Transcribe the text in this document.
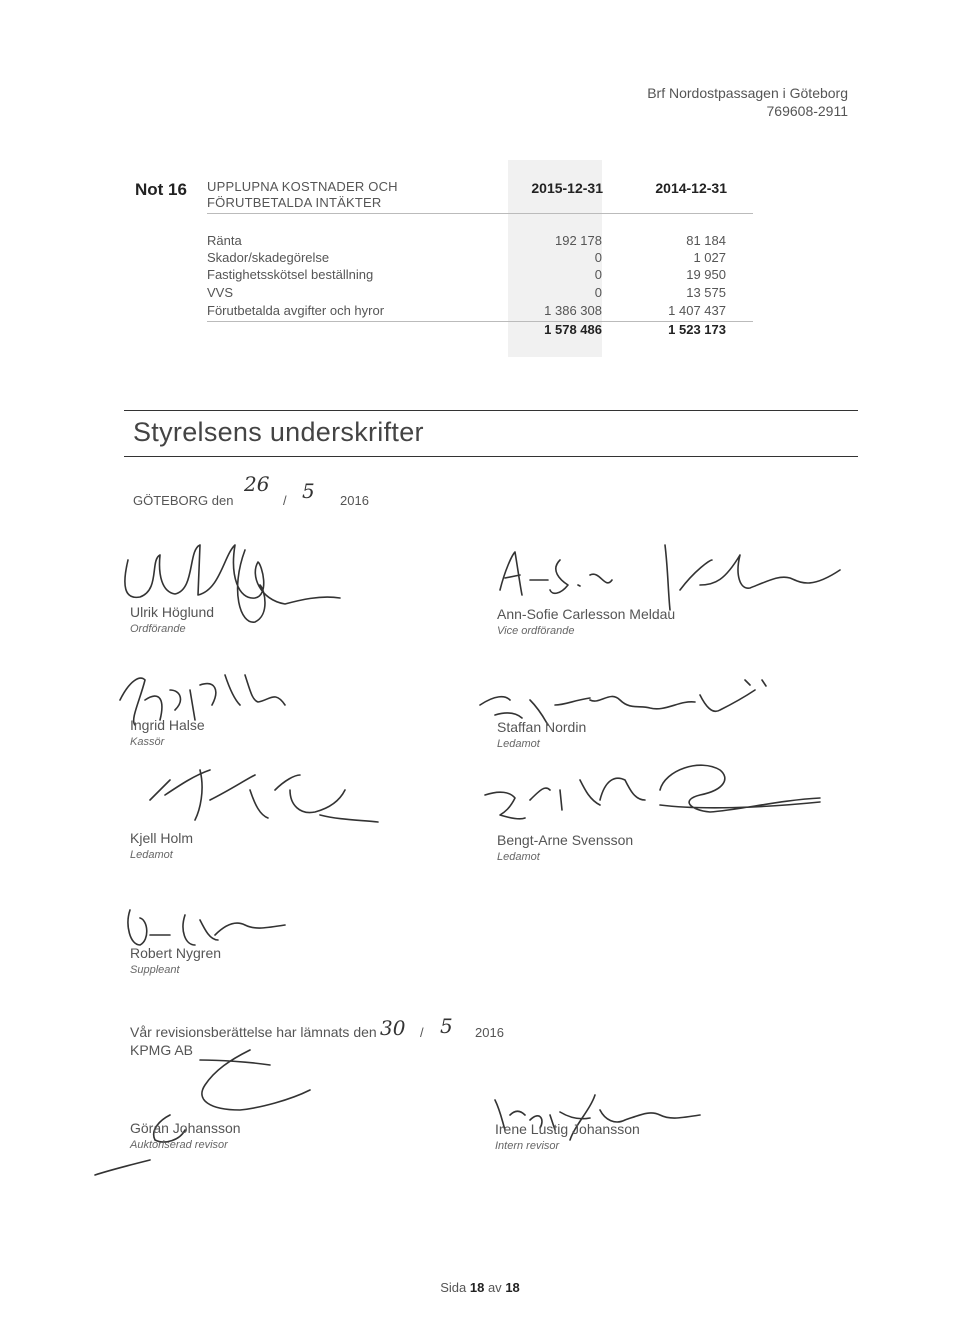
Brf Nordostpassagen i Göteborg
769608-2911
Not 16 UPPLUPNA KOSTNADER OCH
FÖRUTBETALDA INTÄKTER
2015-12-31	2014-12-31
Ränta	192 178	81 184
Skador/skadegörelse	0	1 027
Fastighetsskötsel beställning	0	19 950
VVS	0	13 575
Förutbetalda avgifter och hyror	1 386 308	1 407 437
1 578 486	1 523 173
Styrelsens underskrifter
GÖTEBORG den
26
/ 5 2016
Ulrik Höglund
Ordförande
Ann-Sofie Carlesson Meldau
Vice ordförande
Ingrid Halse
Kassör
Staffan Nordin
Ledamot
Kjell Holm
Ledamot
Bengt-Arne Svensson
Ledamot
Robert Nygren
Suppleant
Vår revisionsberättelse har lämnats den 30 / 5 2016
KPMG AB
Göran Johansson
Auktoriserad revisor
Irene Lustig Johansson
Intern revisor
Sida 18 av 18
